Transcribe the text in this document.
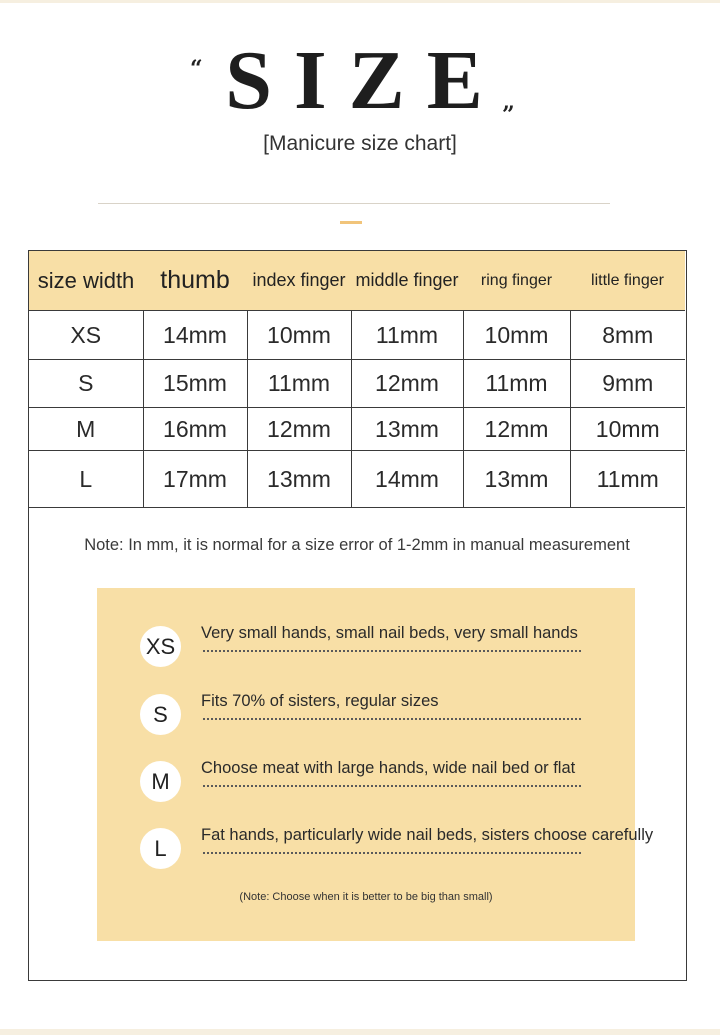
“ SIZE
”
[Manicure size chart]
size width	thumb	index finger	middle finger	ring finger	little finger
XS	14mm	10mm	11mm	10mm	8mm
S	15mm	11mm	12mm	11mm	9mm
M	16mm	12mm	13mm	12mm	10mm
L	17mm	13mm	14mm	13mm	11mm
Note: In mm, it is normal for a size error of 1-2mm in manual measurement
XS
Very small hands, small nail beds, very small hands
S
Fits 70% of sisters, regular sizes
M
Choose meat with large hands, wide nail bed or flat
L
Fat hands, particularly wide nail beds, sisters choose carefully
(Note: Choose when it is better to be big than small)
